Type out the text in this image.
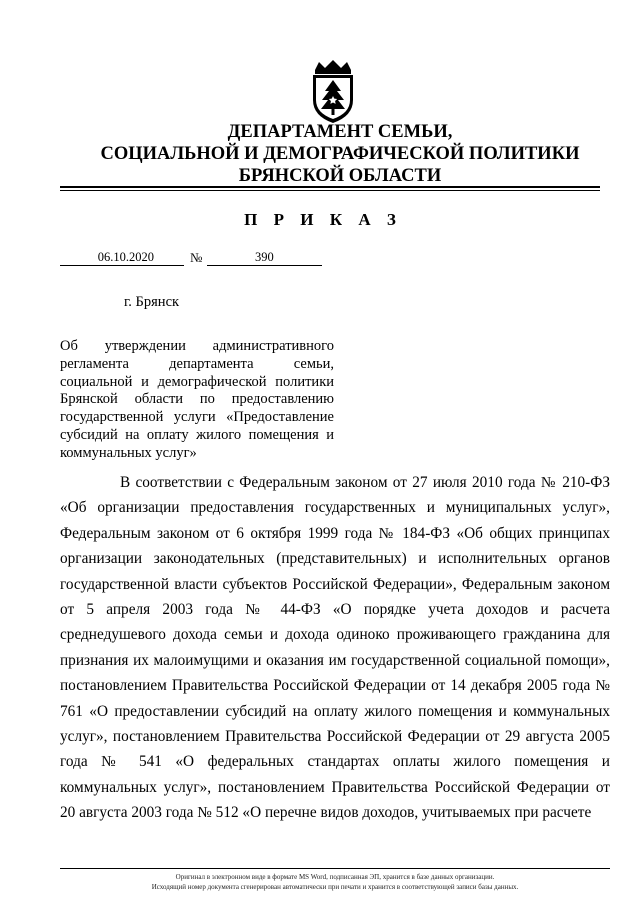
ДЕПАРТАМЕНТ СЕМЬИ,
СОЦИАЛЬНОЙ И ДЕМОГРАФИЧЕСКОЙ ПОЛИТИКИ
БРЯНСКОЙ ОБЛАСТИ
П Р И К А З
06.10.2020	№	390
г. Брянск
Об утверждении административного регламента департамента семьи, социальной и демографической политики Брянской области по предоставлению государственной услуги «Предоставление субсидий на оплату жилого помещения и коммунальных услуг»

В соответствии с Федеральным законом от 27 июля 2010 года № 210-ФЗ «Об организации предоставления государственных и муниципальных услуг», Федеральным законом от 6 октября 1999 года № 184-ФЗ «Об общих принципах организации законодательных (представительных) и исполнительных органов государственной власти субъектов Российской Федерации», Федеральным законом от 5 апреля 2003 года № 44-ФЗ «О порядке учета доходов и расчета среднедушевого дохода семьи и дохода одиноко проживающего гражданина для признания их малоимущими и оказания им государственной социальной помощи», постановлением Правительства Российской Федерации от 14 декабря 2005 года № 761 «О предоставлении субсидий на оплату жилого помещения и коммунальных услуг», постановлением Правительства Российской Федерации от 29 августа 2005 года № 541 «О федеральных стандартах оплаты жилого помещения и коммунальных услуг», постановлением Правительства Российской Федерации от 20 августа 2003 года № 512 «О перечне видов доходов, учитываемых при расчете

Оригинал в электронном виде в формате MS Word, подписанная ЭП, хранится в базе данных организации.
Исходящий номер документа сгенерирован автоматически при печати и хранится в соответствующей записи базы данных.
